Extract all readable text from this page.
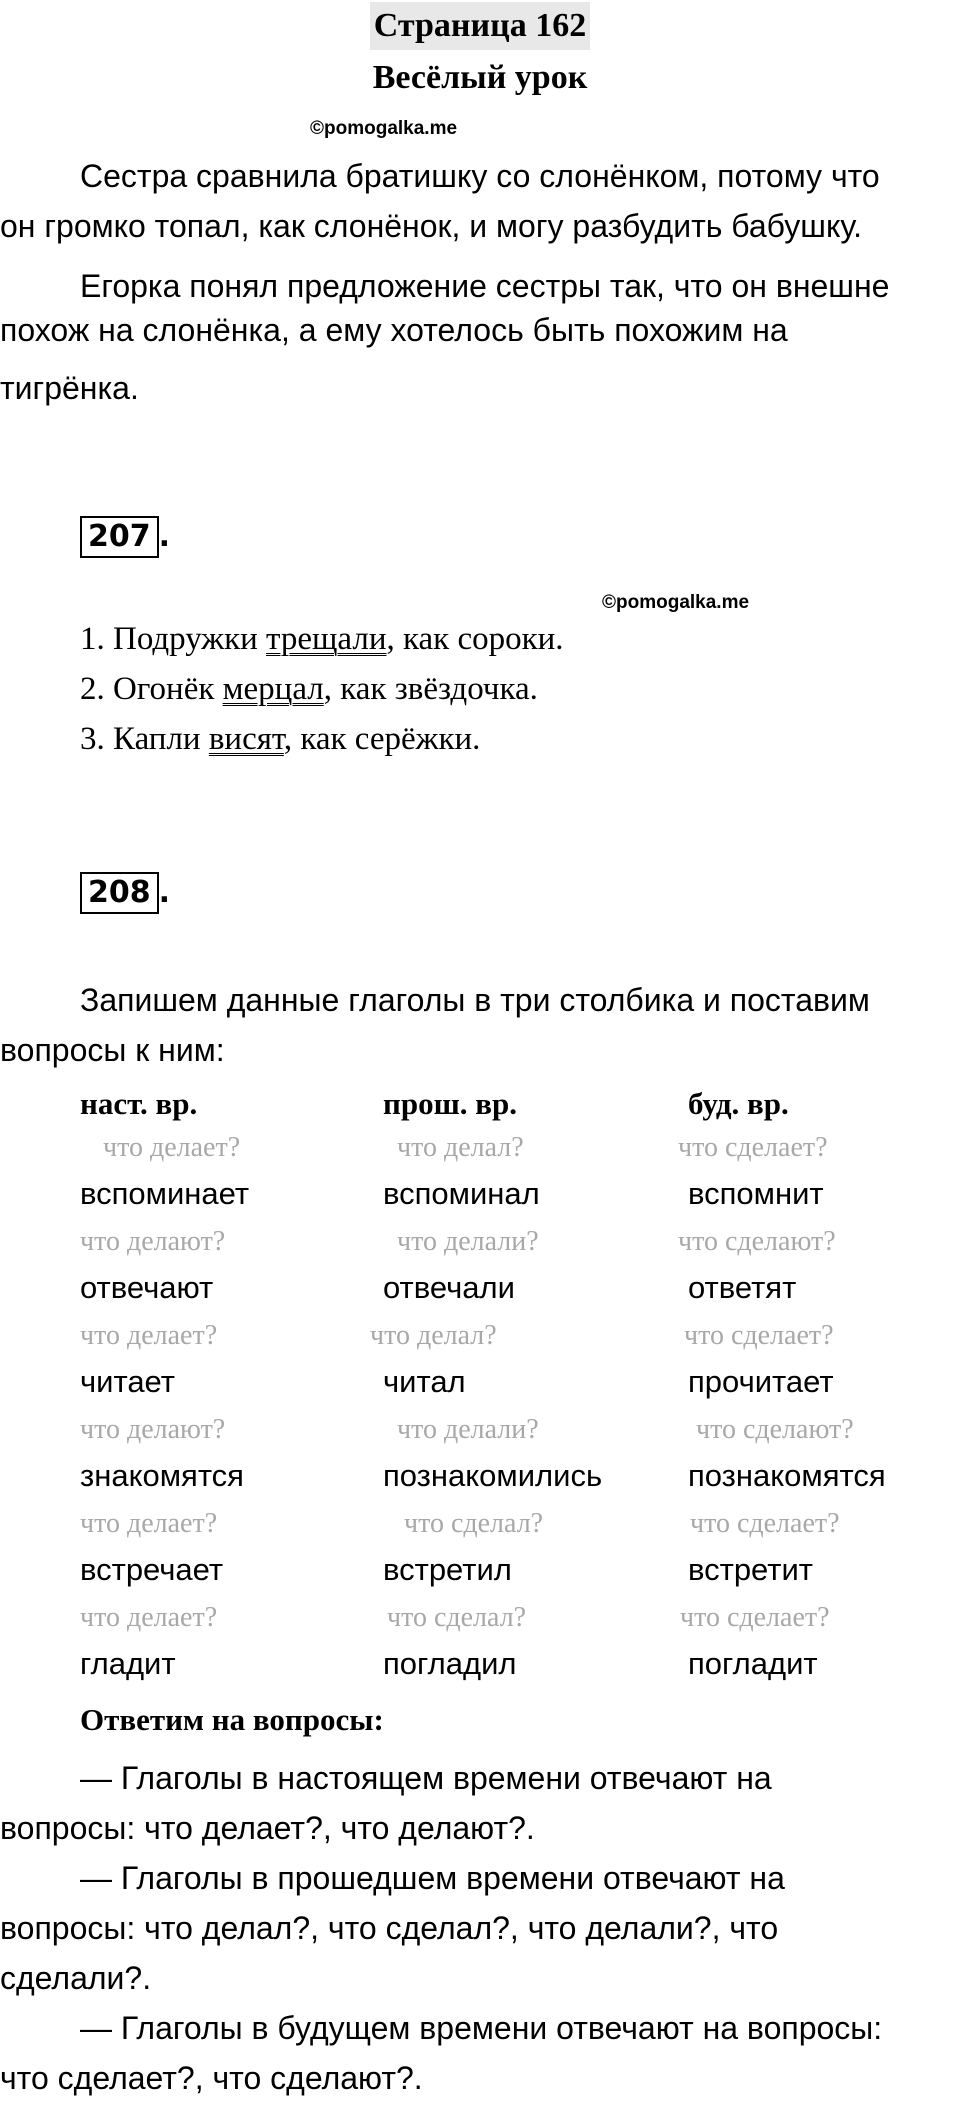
Страница 162
Весёлый урок
©pomogalka.me
Сестра сравнила братишку со слонёнком, потому что
он громко топал, как слонёнок, и могу разбудить бабушку.
Егорка понял предложение сестры так, что он внешне
похож на слонёнка, а ему хотелось быть похожим на
тигрёнка.
207 .
©pomogalka.me
1. Подружки трещали, как сороки.
2. Огонёк мерцал, как звёздочка.
3. Капли висят, как серёжки.
208 .
Запишем данные глаголы в три столбика и поставим
вопросы к ним:
наст. вр.	прош. вр.	буд. вр.
что делает?	что делал?	что сделает?
вспоминает	вспоминал	вспомнит
что делают?	что делали?	что сделают?
отвечают	отвечали	ответят
что делает?	что делал?	что сделает?
читает	читал	прочитает
что делают?	что делали?	что сделают?
знакомятся	познакомились	познакомятся
что делает?	что сделал?	что сделает?
встречает	встретил	встретит
что делает?	что сделал?	что сделает?
гладит	погладил	погладит
Ответим на вопросы:
— Глаголы в настоящем времени отвечают на
вопросы: что делает?, что делают?.
— Глаголы в прошедшем времени отвечают на
вопросы: что делал?, что сделал?, что делали?, что
сделали?.
— Глаголы в будущем времени отвечают на вопросы:
что сделает?, что сделают?.
